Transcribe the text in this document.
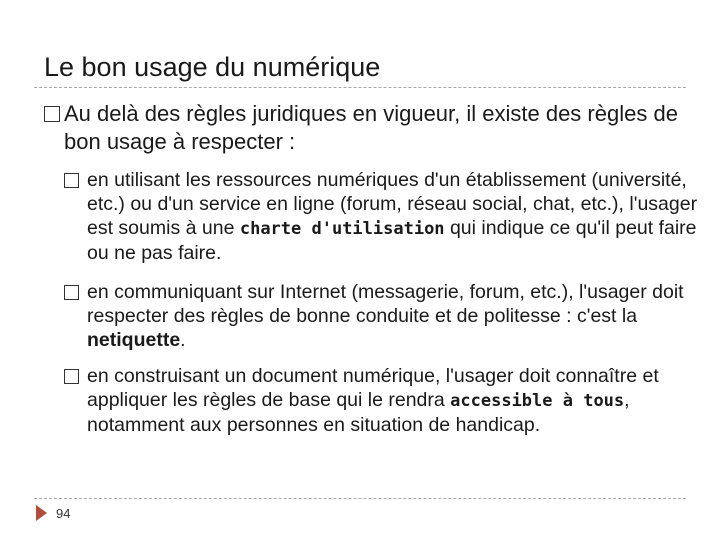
Le bon usage du numérique
Au delà des règles juridiques en vigueur, il existe des règles de bon usage à respecter :
en utilisant les ressources numériques d'un établissement (université, etc.) ou d'un service en ligne (forum, réseau social, chat, etc.), l'usager est soumis à une charte d'utilisation qui indique ce qu'il peut faire ou ne pas faire.
en communiquant sur Internet (messagerie, forum, etc.), l'usager doit respecter des règles de bonne conduite et de politesse : c'est la netiquette.
en construisant un document numérique, l'usager doit connaître et appliquer les règles de base qui le rendra accessible à tous, notamment aux personnes en situation de handicap.
94
